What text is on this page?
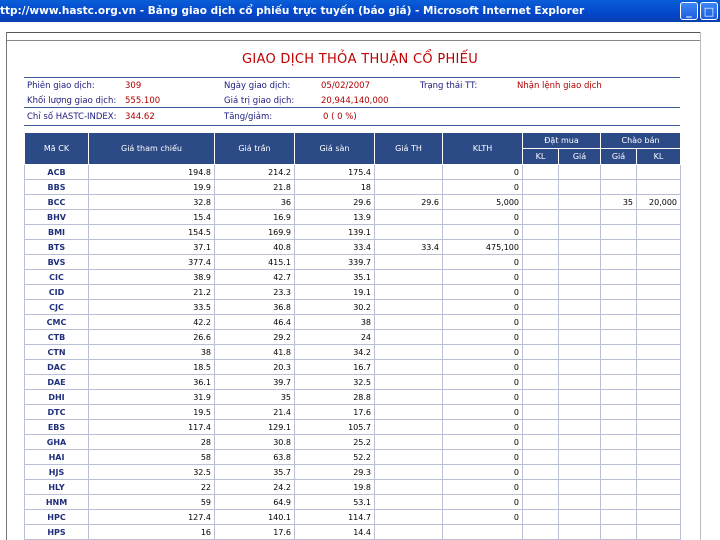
ttp://www.hastc.org.vn - Bảng giao dịch cổ phiếu trực tuyến (báo giá) - Microsoft Internet Explorer	_	□
GIAO DỊCH THỎA THUẬN CỔ PHIẾU
Phiên giao dịch:	309	Ngày giao dịch:	05/02/2007	Trạng thái TT:	Nhận lệnh giao dịch
Khối lượng giao dịch: 555.100	Giá trị giao dịch:	20,944,140,000
Chỉ số HASTC-INDEX: 344.62	Tăng/giảm:	0 ( 0 %)
Mã CK	Giá tham chiếu	Giá trần	Giá sàn	Giá TH	KLTH	Đặt mua		Chào bán	
						KL	Giá	Giá	KL
ACB	194.8	214.2	175.4		0				
BBS	19.9	21.8	18		0				
BCC	32.8	36	29.6	29.6	5,000			35	20,000
BHV	15.4	16.9	13.9		0				
BMI	154.5	169.9	139.1		0				
BTS	37.1	40.8	33.4	33.4	475,100				
BVS	377.4	415.1	339.7		0				
CIC	38.9	42.7	35.1		0				
CID	21.2	23.3	19.1		0				
CJC	33.5	36.8	30.2		0				
CMC	42.2	46.4	38		0				
CTB	26.6	29.2	24		0				
CTN	38	41.8	34.2		0				
DAC	18.5	20.3	16.7		0				
DAE	36.1	39.7	32.5		0				
DHI	31.9	35	28.8		0				
DTC	19.5	21.4	17.6		0				
EBS	117.4	129.1	105.7		0				
GHA	28	30.8	25.2		0				
HAI	58	63.8	52.2		0				
HJS	32.5	35.7	29.3		0				
HLY	22	24.2	19.8		0				
HNM	59	64.9	53.1		0				
HPC	127.4	140.1	114.7		0				
HPS	16	17.6	14.4						
